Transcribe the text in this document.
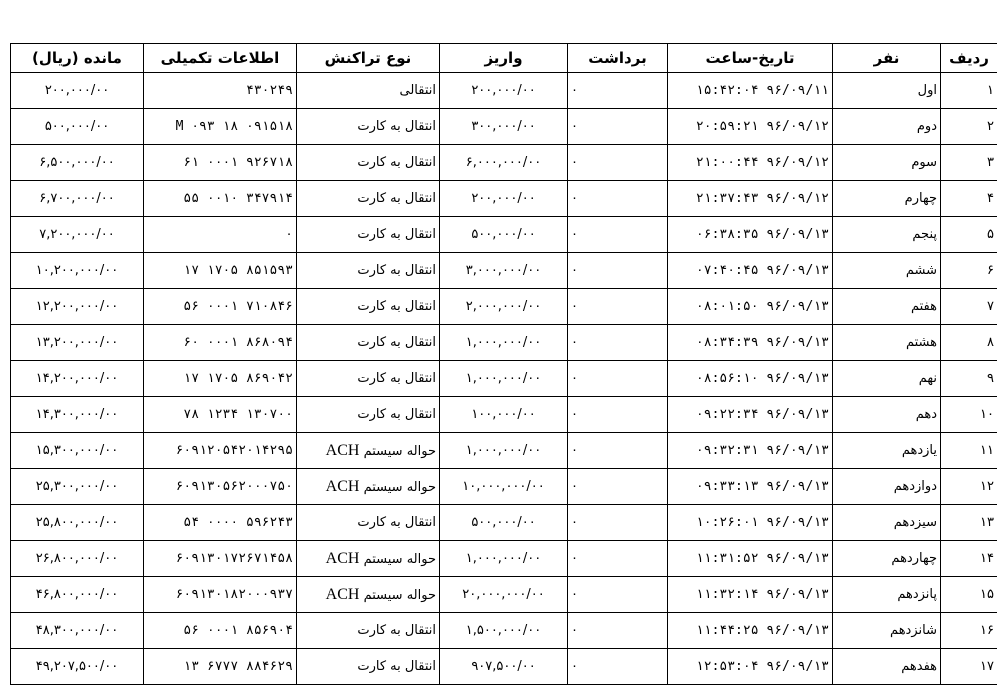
ردیف	نفر	تاریخ-ساعت	برداشت	واریز	نوع تراکنش	اطلاعات تکمیلی	مانده (ریال)
۱	اول	۹۶/۰۹/۱۱ ۱۵:۴۲:۰۴	۰	۲۰۰,۰۰۰/۰۰	انتقالی	۴۳۰۲۴۹	۲۰۰,۰۰۰/۰۰
۲	دوم	۹۶/۰۹/۱۲ ۲۰:۵۹:۲۱	۰	۳۰۰,۰۰۰/۰۰	انتقال به کارت	۰۹۱۵۱۸ M ۰۹۳ ۱۸	۵۰۰,۰۰۰/۰۰
۳	سوم	۹۶/۰۹/۱۲ ۲۱:۰۰:۴۴	۰	۶,۰۰۰,۰۰۰/۰۰	انتقال به کارت	۹۲۶۷۱۸ ۰۰۰۱ ۶۱	۶,۵۰۰,۰۰۰/۰۰
۴	چهارم	۹۶/۰۹/۱۲ ۲۱:۳۷:۴۳	۰	۲۰۰,۰۰۰/۰۰	انتقال به کارت	۳۴۷۹۱۴ ۰۰۱۰ ۵۵	۶,۷۰۰,۰۰۰/۰۰
۵	پنجم	۹۶/۰۹/۱۳ ۰۶:۳۸:۳۵	۰	۵۰۰,۰۰۰/۰۰	انتقال به کارت	۰	۷,۲۰۰,۰۰۰/۰۰
۶	ششم	۹۶/۰۹/۱۳ ۰۷:۴۰:۴۵	۰	۳,۰۰۰,۰۰۰/۰۰	انتقال به کارت	۸۵۱۵۹۳ ۱۷۰۵ ۱۷	۱۰,۲۰۰,۰۰۰/۰۰
۷	هفتم	۹۶/۰۹/۱۳ ۰۸:۰۱:۵۰	۰	۲,۰۰۰,۰۰۰/۰۰	انتقال به کارت	۷۱۰۸۴۶ ۰۰۰۱ ۵۶	۱۲,۲۰۰,۰۰۰/۰۰
۸	هشتم	۹۶/۰۹/۱۳ ۰۸:۳۴:۳۹	۰	۱,۰۰۰,۰۰۰/۰۰	انتقال به کارت	۸۶۸۰۹۴ ۰۰۰۱ ۶۰	۱۳,۲۰۰,۰۰۰/۰۰
۹	نهم	۹۶/۰۹/۱۳ ۰۸:۵۶:۱۰	۰	۱,۰۰۰,۰۰۰/۰۰	انتقال به کارت	۸۶۹۰۴۲ ۱۷۰۵ ۱۷	۱۴,۲۰۰,۰۰۰/۰۰
۱۰	دهم	۹۶/۰۹/۱۳ ۰۹:۲۲:۳۴	۰	۱۰۰,۰۰۰/۰۰	انتقال به کارت	۱۳۰۷۰۰ ۱۲۳۴ ۷۸	۱۴,۳۰۰,۰۰۰/۰۰
۱۱	یازدهم	۹۶/۰۹/۱۳ ۰۹:۳۲:۳۱	۰	۱,۰۰۰,۰۰۰/۰۰	حواله سیستم ACH	۶۰۹۱۲۰۵۴۲۰۱۴۲۹۵	۱۵,۳۰۰,۰۰۰/۰۰
۱۲	دوازدهم	۹۶/۰۹/۱۳ ۰۹:۳۳:۱۳	۰	۱۰,۰۰۰,۰۰۰/۰۰	حواله سیستم ACH	۶۰۹۱۳۰۵۶۲۰۰۰۷۵۰	۲۵,۳۰۰,۰۰۰/۰۰
۱۳	سیزدهم	۹۶/۰۹/۱۳ ۱۰:۲۶:۰۱	۰	۵۰۰,۰۰۰/۰۰	انتقال به کارت	۵۹۶۲۴۳ ۰۰۰۰ ۵۴	۲۵,۸۰۰,۰۰۰/۰۰
۱۴	چهاردهم	۹۶/۰۹/۱۳ ۱۱:۳۱:۵۲	۰	۱,۰۰۰,۰۰۰/۰۰	حواله سیستم ACH	۶۰۹۱۳۰۱۷۲۶۷۱۴۵۸	۲۶,۸۰۰,۰۰۰/۰۰
۱۵	پانزدهم	۹۶/۰۹/۱۳ ۱۱:۳۲:۱۴	۰	۲۰,۰۰۰,۰۰۰/۰۰	حواله سیستم ACH	۶۰۹۱۳۰۱۸۲۰۰۰۹۳۷	۴۶,۸۰۰,۰۰۰/۰۰
۱۶	شانزدهم	۹۶/۰۹/۱۳ ۱۱:۴۴:۲۵	۰	۱,۵۰۰,۰۰۰/۰۰	انتقال به کارت	۸۵۶۹۰۴ ۰۰۰۱ ۵۶	۴۸,۳۰۰,۰۰۰/۰۰
۱۷	هفدهم	۹۶/۰۹/۱۳ ۱۲:۵۳:۰۴	۰	۹۰۷,۵۰۰/۰۰	انتقال به کارت	۸۸۴۶۲۹ ۶۷۷۷ ۱۳	۴۹,۲۰۷,۵۰۰/۰۰
